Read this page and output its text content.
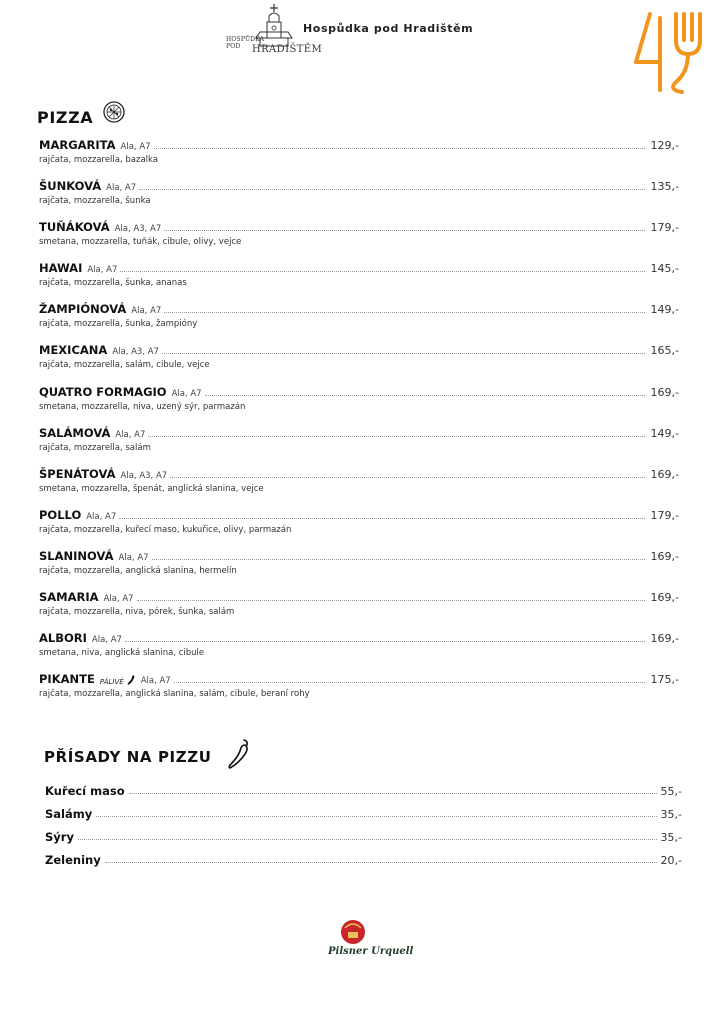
HOSPŮDKA POD	HRADIŠTĚM
Hospůdka pod Hradištěm
PIZZA
MARGARITA Ala, A7	129,-
rajčata, mozzarella, bazalka
ŠUNKOVÁ Ala, A7	135,-
rajčata, mozzarella, šunka
TUŇÁKOVÁ Ala, A3, A7	179,-
smetana, mozzarella, tuňák, cibule, olivy, vejce
HAWAI Ala, A7	145,-
rajčata, mozzarella, šunka, ananas
ŽAMPIÓNOVÁ Ala, A7	149,-
rajčata, mozzarella, šunka, žampióny
MEXICANA Ala, A3, A7	165,-
rajčata, mozzarella, salám, cibule, vejce
QUATRO FORMAGIO Ala, A7	169,-
smetana, mozzarella, niva, uzený sýr, parmazán
SALÁMOVÁ Ala, A7	149,-
rajčata, mozzarella, salám
ŠPENÁTOVÁ Ala, A3, A7	169,-
smetana, mozzarella, špenát, anglická slanina, vejce
POLLO Ala, A7	179,-
rajčata, mozzarella, kuřecí maso, kukuřice, olivy, parmazán
SLANINOVÁ Ala, A7	169,-
rajčata, mozzarella, anglická slanina, hermelín
SAMARIA Ala, A7	169,-
rajčata, mozzarella, niva, pórek, šunka, salám
ALBORI Ala, A7	169,-
smetana, niva, anglická slanina, cibule
PIKANTE PÁLIVÉ Ala, A7	175,-
rajčata, mozzarella, anglická slanina, salám, cibule, beraní rohy
PŘÍSADY NA PIZZU
Kuřecí maso	55,-
Salámy	35,-
Sýry	35,-
Zeleniny	20,-
Pilsner Urquell
